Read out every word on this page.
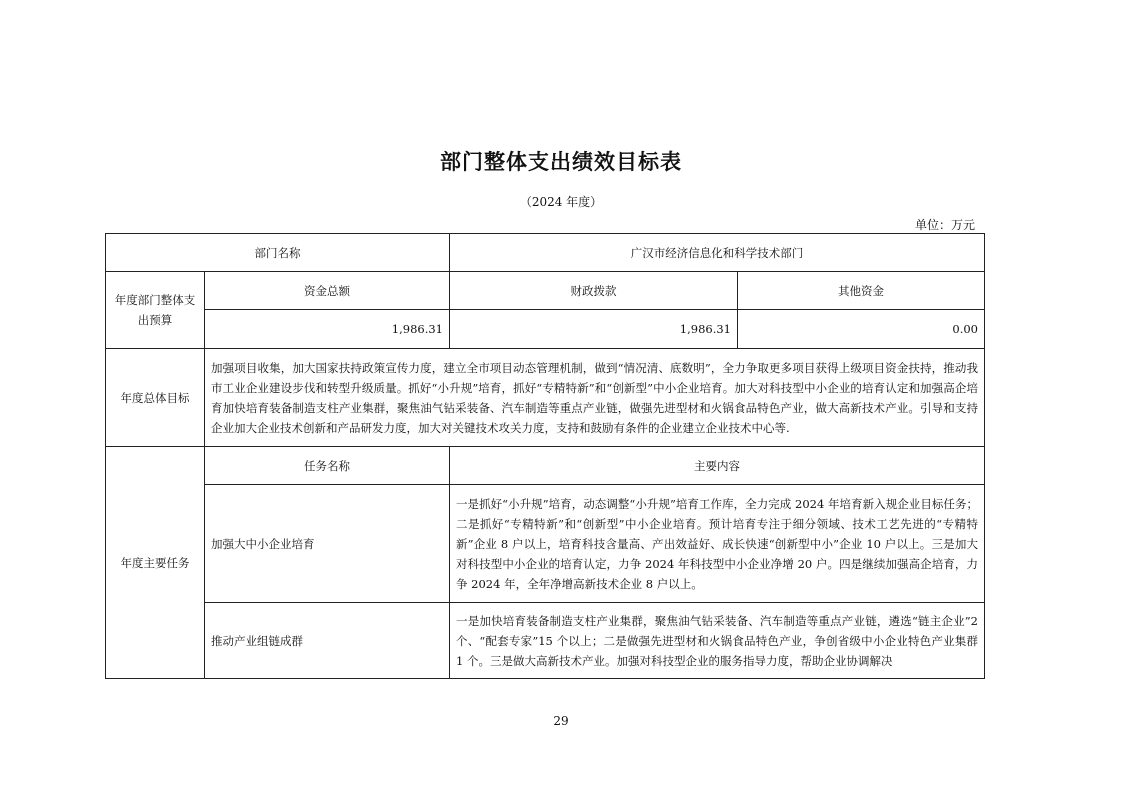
部门整体支出绩效目标表
（2024 年度）
单位：万元
部门名称		广汉市经济信息化和科学技术部门	
年度部门整体支出预算	资金总额	财政拨款	其他资金
	1,986.31	1,986.31	0.00
年度总体目标	加强项目收集，加大国家扶持政策宣传力度，建立全市项目动态管理机制，做到“情况清、底数明”，全力争取更多项目获得上级项目资金扶持，推动我市工业企业建设步伐和转型升级质量。抓好“小升规”培育，抓好“专精特新”和“创新型”中小企业培育。加大对科技型中小企业的培育认定和加强高企培育加快培育装备制造支柱产业集群，聚焦油气钻采装备、汽车制造等重点产业链，做强先进型材和火锅食品特色产业，做大高新技术产业。引导和支持企业加大企业技术创新和产品研发力度，加大对关键技术攻关力度，支持和鼓励有条件的企业建立企业技术中心等.		
年度主要任务	任务名称	主要内容	
	加强大中小企业培育	一是抓好“小升规”培育，动态调整“小升规”培育工作库，全力完成 2024 年培育新入规企业目标任务；二是抓好“专精特新”和“创新型”中小企业培育。预计培育专注于细分领域、技术工艺先进的“专精特新”企业 8 户以上，培育科技含量高、产出效益好、成长快速“创新型中小”企业 10 户以上。三是加大对科技型中小企业的培育认定，力争 2024 年科技型中小企业净增 20 户。四是继续加强高企培育，力争 2024 年，全年净增高新技术企业 8 户以上。	
	推动产业组链成群	一是加快培育装备制造支柱产业集群，聚焦油气钻采装备、汽车制造等重点产业链，遴选“链主企业”2 个、“配套专家”15 个以上；二是做强先进型材和火锅食品特色产业，争创省级中小企业特色产业集群 1 个。三是做大高新技术产业。加强对科技型企业的服务指导力度，帮助企业协调解决	
29
